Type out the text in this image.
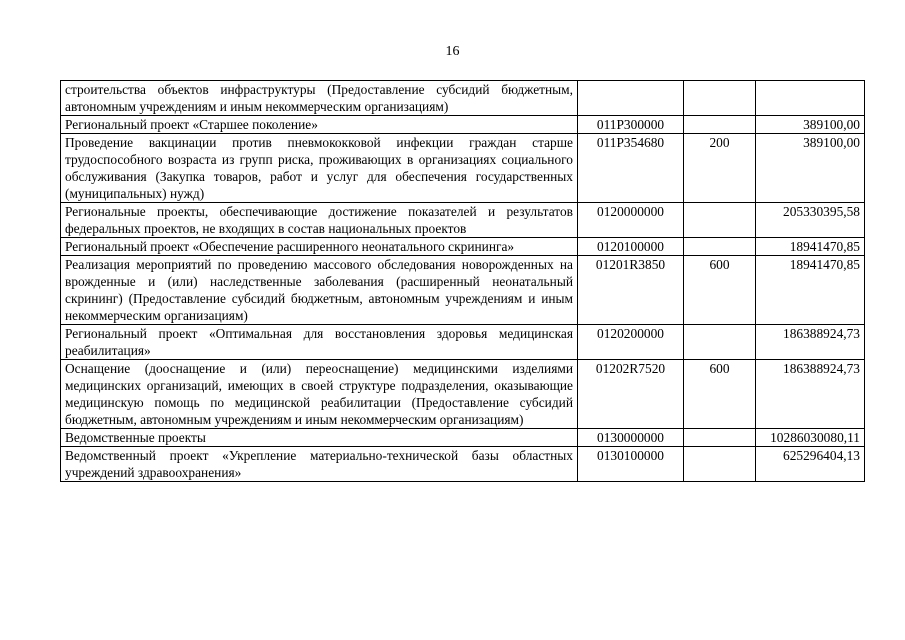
16
строительства объектов инфраструктуры (Предоставление субсидий бюджетным, автономным учреждениям и иным некоммерческим организациям)			
Региональный проект «Старшее поколение»	011Р300000		389100,00
Проведение вакцинации против пневмококковой инфекции граждан старше трудоспособного возраста из групп риска, проживающих в организациях социального обслуживания (Закупка товаров, работ и услуг для обеспечения государственных (муниципальных) нужд)	011Р354680	200	389100,00
Региональные проекты, обеспечивающие достижение показателей и результатов федеральных проектов, не входящих в состав национальных проектов	0120000000		205330395,58
Региональный проект «Обеспечение расширенного неонатального скрининга»	0120100000		18941470,85
Реализация мероприятий по проведению массового обследования новорожденных на врожденные и (или) наследственные заболевания (расширенный неонатальный скрининг) (Предоставление субсидий бюджетным, автономным учреждениям и иным некоммерческим организациям)	01201R3850	600	18941470,85
Региональный проект «Оптимальная для восстановления здоровья медицинская реабилитация»	0120200000		186388924,73
Оснащение (дооснащение и (или) переоснащение) медицинскими изделиями медицинских организаций, имеющих в своей структуре подразделения, оказывающие медицинскую помощь по медицинской реабилитации (Предоставление субсидий бюджетным, автономным учреждениям и иным некоммерческим организациям)	01202R7520	600	186388924,73
Ведомственные проекты	0130000000		10286030080,11
Ведомственный проект «Укрепление материально-технической базы областных учреждений здравоохранения»	0130100000		625296404,13
